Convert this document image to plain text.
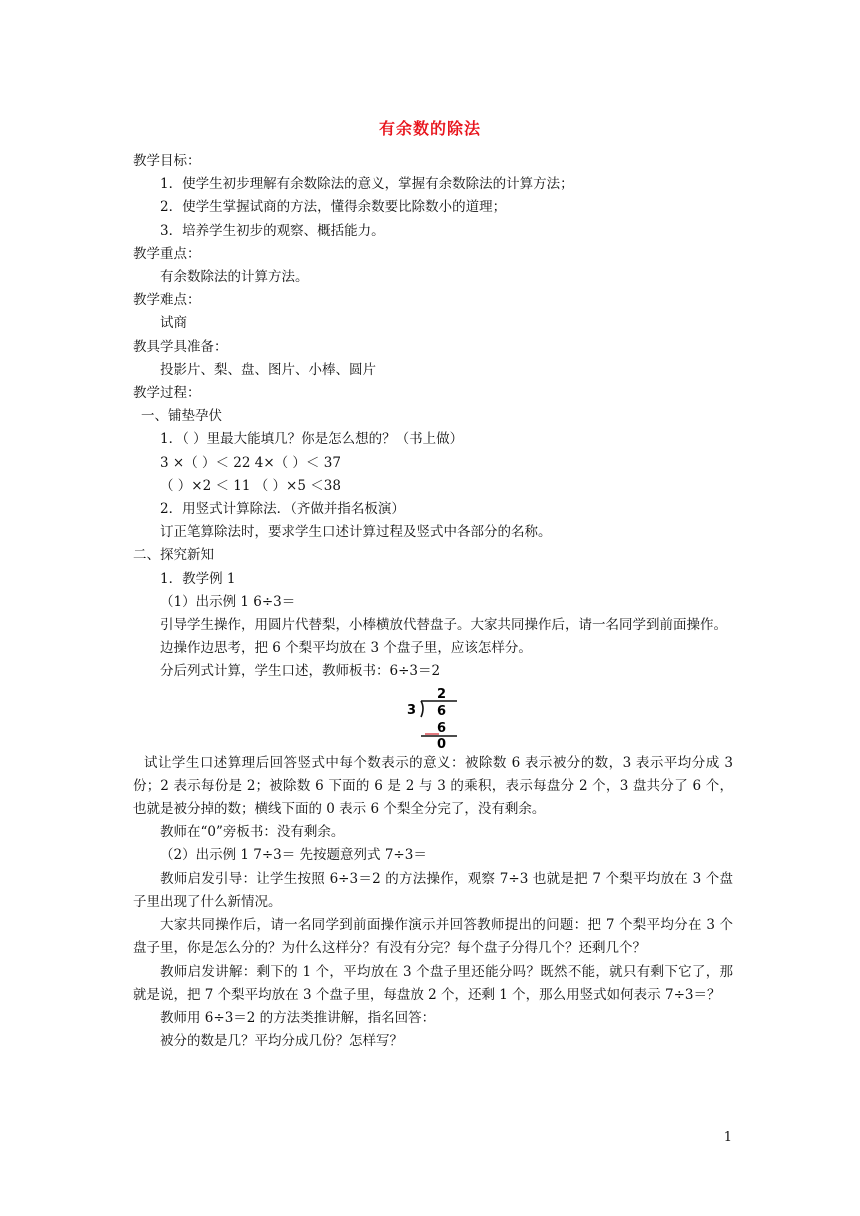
有余数的除法
教学目标：
1．使学生初步理解有余数除法的意义，掌握有余数除法的计算方法；
2．使学生掌握试商的方法，懂得余数要比除数小的道理；
3．培养学生初步的观察、概括能力。
教学重点：
有余数除法的计算方法。
教学难点：
试商
教具学具准备：
投影片、梨、盘、图片、小棒、圆片
教学过程：
一、铺垫孕伏
1．（ ）里最大能填几？你是怎么想的？（书上做）
3 ×（ ）＜ 22 4×（ ）＜ 37
（ ）×2 ＜ 11 （ ）×5 ＜38
2．用竖式计算除法．（齐做并指名板演）
订正笔算除法时，要求学生口述计算过程及竖式中各部分的名称。
二、探究新知
1．教学例 1
（1）出示例 1 6÷3＝
引导学生操作，用圆片代替梨，小棒横放代替盘子。大家共同操作后，请一名同学到前面操作。
边操作边思考，把 6 个梨平均放在 3 个盘子里，应该怎样分。
分后列式计算，学生口述，教师板书：6÷3＝2
2
3 6
6
0
试让学生口述算理后回答竖式中每个数表示的意义：被除数 6 表示被分的数，3 表示平均分成 3 份；2 表示每份是 2；被除数 6 下面的 6 是 2 与 3 的乘积，表示每盘分 2 个，3 盘共分了 6 个，也就是被分掉的数；横线下面的 0 表示 6 个梨全分完了，没有剩余。
教师在“0”旁板书：没有剩余。
（2）出示例 1 7÷3＝ 先按题意列式 7÷3＝
教师启发引导：让学生按照 6÷3＝2 的方法操作，观察 7÷3 也就是把 7 个梨平均放在 3 个盘子里出现了什么新情况。
大家共同操作后，请一名同学到前面操作演示并回答教师提出的问题：把 7 个梨平均分在 3 个盘子里，你是怎么分的？为什么这样分？有没有分完？每个盘子分得几个？还剩几个？
教师启发讲解：剩下的 1 个，平均放在 3 个盘子里还能分吗？既然不能，就只有剩下它了，那就是说，把 7 个梨平均放在 3 个盘子里，每盘放 2 个，还剩 1 个，那么用竖式如何表示 7÷3＝？
教师用 6÷3＝2 的方法类推讲解，指名回答：
被分的数是几？平均分成几份？怎样写？
1
